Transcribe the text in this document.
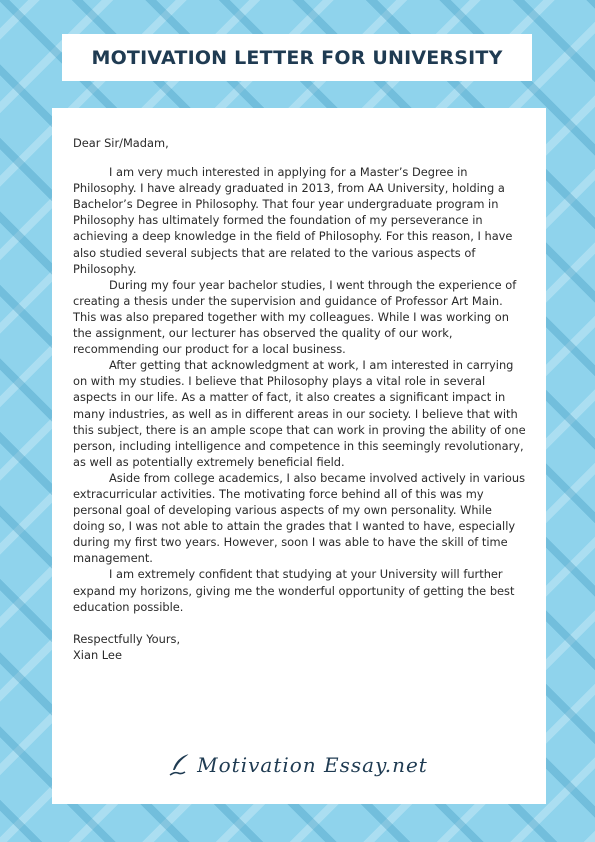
MOTIVATION LETTER FOR UNIVERSITY

Dear Sir/Madam,

I am very much interested in applying for a Master’s Degree in Philosophy. I have already graduated in 2013, from AA University, holding a Bachelor’s Degree in Philosophy. That four year undergraduate program in Philosophy has ultimately formed the foundation of my perseverance in achieving a deep knowledge in the field of Philosophy. For this reason, I have also studied several subjects that are related to the various aspects of Philosophy.

During my four year bachelor studies, I went through the experience of creating a thesis under the supervision and guidance of Professor Art Main. This was also prepared together with my colleagues. While I was working on the assignment, our lecturer has observed the quality of our work, recommending our product for a local business.

After getting that acknowledgment at work, I am interested in carrying on with my studies. I believe that Philosophy plays a vital role in several aspects in our life. As a matter of fact, it also creates a significant impact in many industries, as well as in different areas in our society. I believe that with this subject, there is an ample scope that can work in proving the ability of one person, including intelligence and competence in this seemingly revolutionary, as well as potentially extremely beneficial field.

Aside from college academics, I also became involved actively in various extracurricular activities. The motivating force behind all of this was my personal goal of developing various aspects of my own personality. While doing so, I was not able to attain the grades that I wanted to have, especially during my first two years. However, soon I was able to have the skill of time management.

I am extremely confident that studying at your University will further expand my horizons, giving me the wonderful opportunity of getting the best education possible.

Respectfully Yours,

Xian Lee

Motivation Essay.net
